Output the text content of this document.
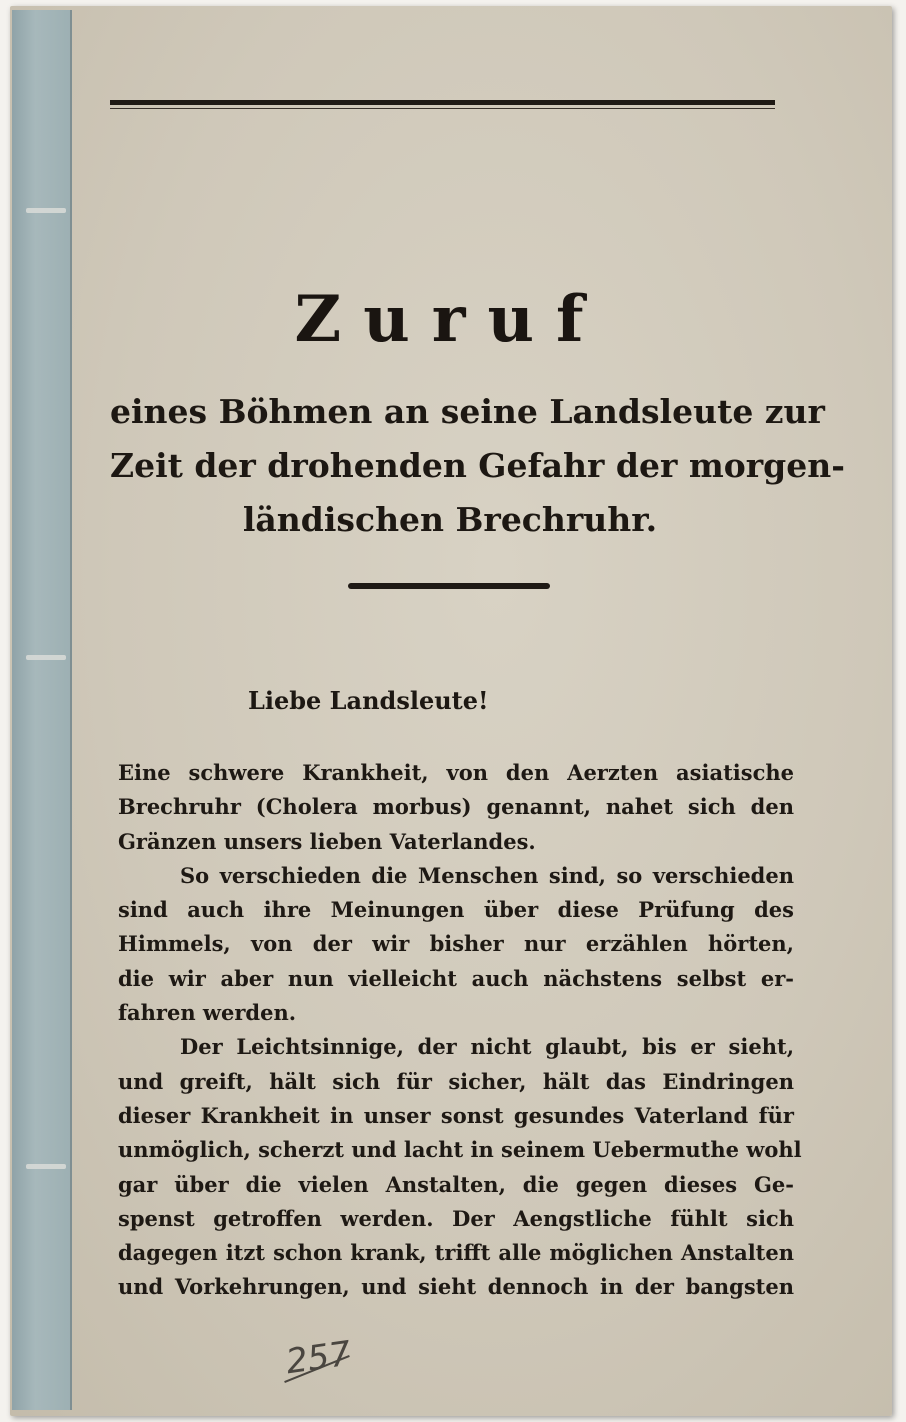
Zuruf
eines Böhmen an seine Landsleute zur
Zeit der drohenden Gefahr der morgen-
ländischen Brechruhr.
Liebe Landsleute!
Eine schwere Krankheit, von den Aerzten asiatische
Brechruhr (Cholera morbus) genannt, nahet sich den
Gränzen unsers lieben Vaterlandes.
So verschieden die Menschen sind, so verschieden
sind auch ihre Meinungen über diese Prüfung des
Himmels, von der wir bisher nur erzählen hörten,
die wir aber nun vielleicht auch nächstens selbst er-
fahren werden.
Der Leichtsinnige, der nicht glaubt, bis er sieht,
und greift, hält sich für sicher, hält das Eindringen
dieser Krankheit in unser sonst gesundes Vaterland für
unmöglich, scherzt und lacht in seinem Uebermuthe wohl
gar über die vielen Anstalten, die gegen dieses Ge-
spenst getroffen werden. Der Aengstliche fühlt sich
dagegen itzt schon krank, trifft alle möglichen Anstalten
und Vorkehrungen, und sieht dennoch in der bangsten
257
